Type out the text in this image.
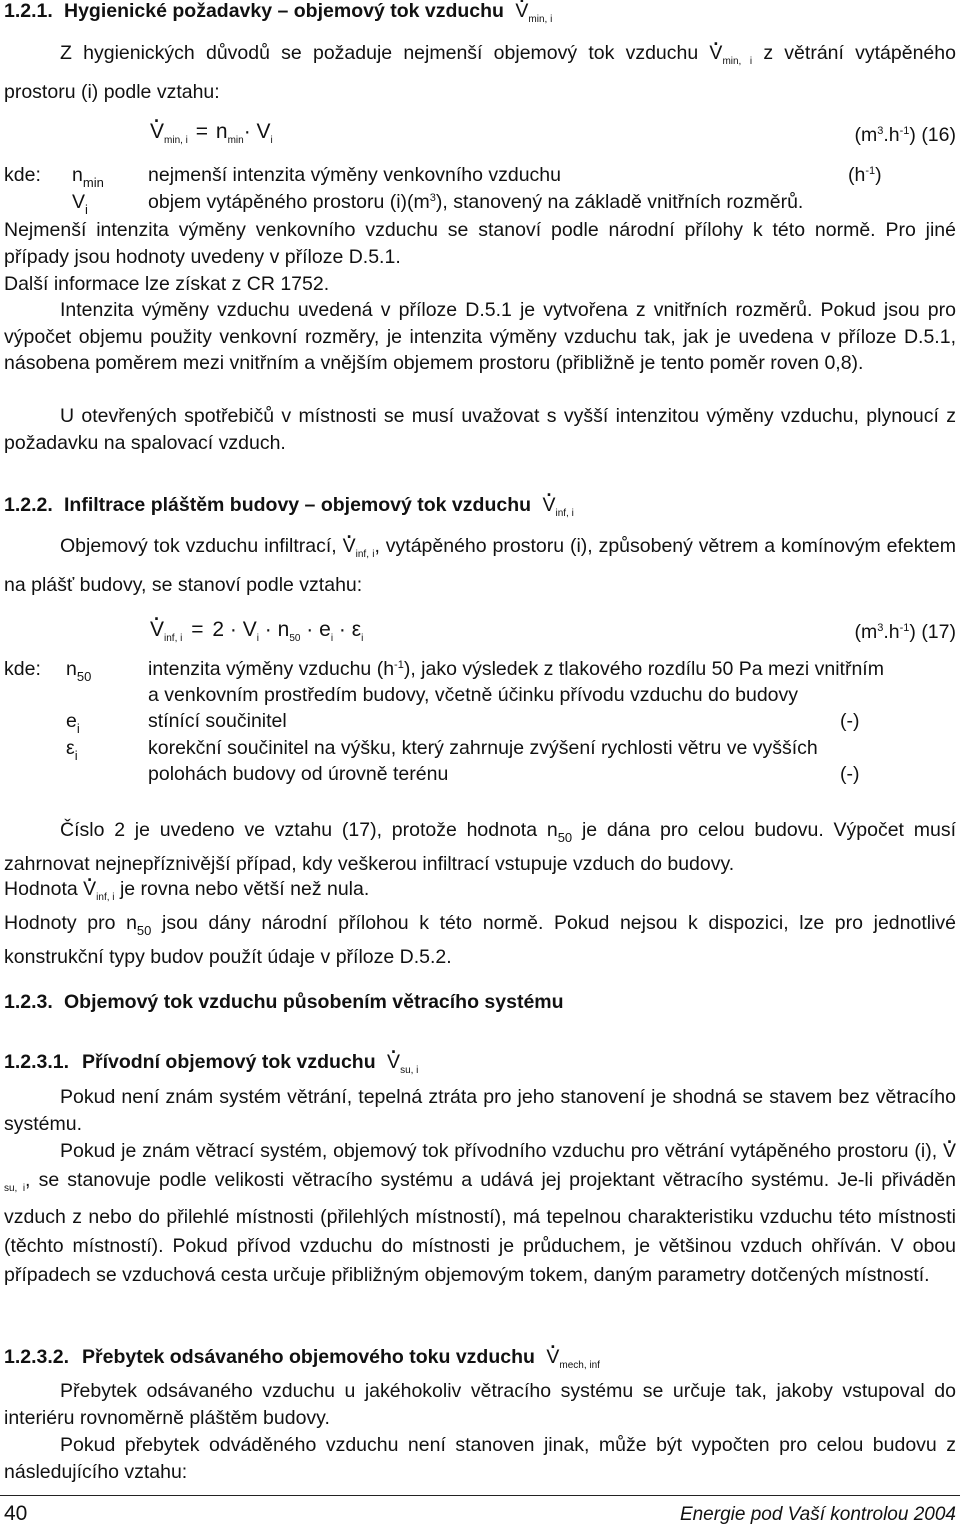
1.2.1. Hygienické požadavky – objemový tok vzduchu . $V_{min, i}$
Z hygienických důvodů se požaduje nejmenší objemový tok vzduchu . $V_{min, i}$ z větrání vytápěného prostoru (i) podle vztahu:
. $V_{min, i} = n_{min}\cdot V_i$	$(m^3.h^{-1})$ (16)
kde: $n_{min}$ nejmenší intenzita výměny venkovního vzduchu	$(h^{-1})$
$V_i$	objem vytápěného prostoru $(i)(m^3)$, stanovený na základě vnitřních rozměrů.
Nejmenší intenzita výměny venkovního vzduchu se stanoví podle národní přílohy k této normě. Pro jiné případy jsou hodnoty uvedeny v příloze D.5.1.
Další informace lze získat z CR 1752.
Intenzita výměny vzduchu uvedená v příloze D.5.1 je vytvořena z vnitřních rozměrů. Pokud jsou pro výpočet objemu použity venkovní rozměry, je intenzita výměny vzduchu tak, jak je uvedena v příloze D.5.1, násobena poměrem mezi vnitřním a vnějším objemem prostoru (přibližně je tento poměr roven 0,8).
U otevřených spotřebičů v místnosti se musí uvažovat s vyšší intenzitou výměny vzduchu, plynoucí z požadavku na spalovací vzduch.
1.2.2. Infiltrace pláštěm budovy – objemový tok vzduchu . $V_{inf, i}$
Objemový tok vzduchu infiltrací, . $V_{inf, i}$, vytápěného prostoru (i), způsobený větrem a komínovým efektem na plášť budovy, se stanoví podle vztahu:
. $V_{inf, i} = 2 \cdot V_i \cdot n_{50} \cdot e_i \cdot \varepsilon_i$	$(m^3.h^{-1})$ (17)
kde: $n_{50}$	intenzita výměny vzduchu $(h^{-1})$, jako výsledek z tlakového rozdílu 50 Pa mezi vnitřním
a venkovním prostředím budovy, včetně účinku přívodu vzduchu do budovy
$e_i$	stínící součinitel	(-)
$\varepsilon_i$	korekční součinitel na výšku, který zahrnuje zvýšení rychlosti větru ve vyšších
polohách budovy od úrovně terénu	(-)
Číslo 2 je uvedeno ve vztahu (17), protože hodnota $n_{50}$ je dána pro celou budovu. Výpočet musí zahrnovat nejnepříznivější případ, kdy veškerou infiltrací vstupuje vzduch do budovy.
Hodnota . $V_{inf, i}$ je rovna nebo větší než nula.
Hodnoty pro $n_{50}$ jsou dány národní přílohou k této normě. Pokud nejsou k dispozici, lze pro jednotlivé konstrukční typy budov použít údaje v příloze D.5.2.
1.2.3. Objemový tok vzduchu působením větracího systému
1.2.3.1. Přívodní objemový tok vzduchu . $V_{su, i}$
Pokud není znám systém větrání, tepelná ztráta pro jeho stanovení je shodná se stavem bez větracího systému.
Pokud je znám větrací systém, objemový tok přívodního vzduchu pro větrání vytápěného prostoru (i), . $V_{su, i}$, se stanovuje podle velikosti větracího systému a udává jej projektant větracího systému. Je-li přiváděn vzduch z nebo do přilehlé místnosti (přilehlých místností), má tepelnou charakteristiku vzduchu této místnosti (těchto místností). Pokud přívod vzduchu do místnosti je průduchem, je většinou vzduch ohříván. V obou případech se vzduchová cesta určuje přibližným objemovým tokem, daným parametry dotčených místností.
1.2.3.2. Přebytek odsávaného objemového toku vzduchu . $V_{mech, inf}$
Přebytek odsávaného vzduchu u jakéhokoliv větracího systému se určuje tak, jakoby vstupoval do interiéru rovnoměrně pláštěm budovy.
Pokud přebytek odváděného vzduchu není stanoven jinak, může být vypočten pro celou budovu z následujícího vztahu:
40	Energie pod Vaší kontrolou 2004
